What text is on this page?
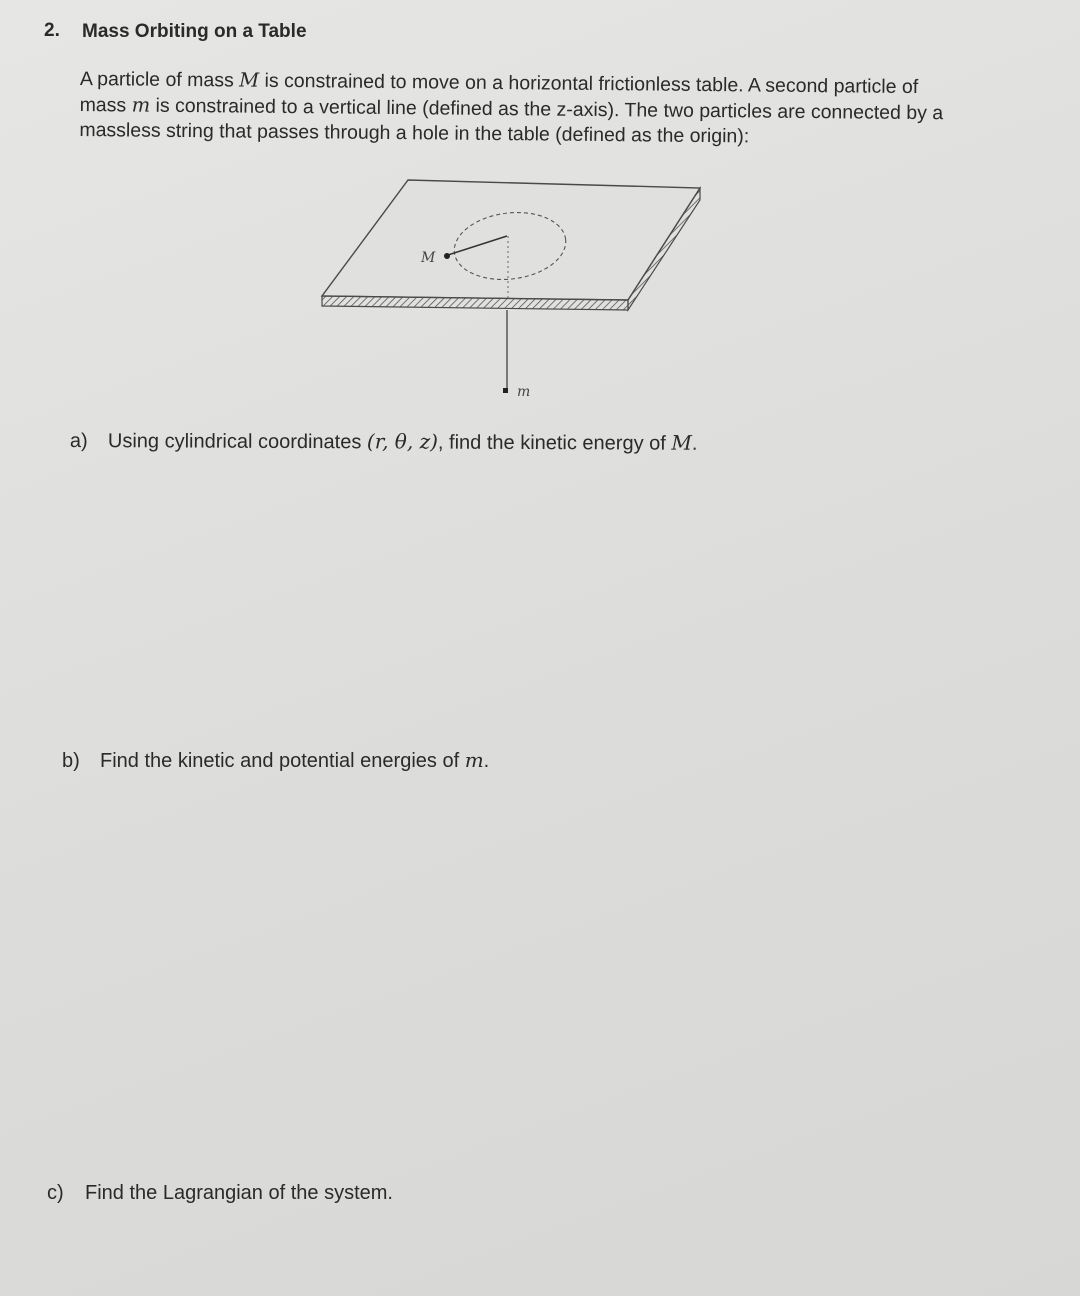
2. Mass Orbiting on a Table
A particle of mass M is constrained to move on a horizontal frictionless table. A second particle of
mass m is constrained to a vertical line (defined as the z-axis). The two particles are connected by a
massless string that passes through a hole in the table (defined as the origin):
M
m
a) Using cylindrical coordinates (r, θ, z), find the kinetic energy of M.
b) Find the kinetic and potential energies of m.
c) Find the Lagrangian of the system.
